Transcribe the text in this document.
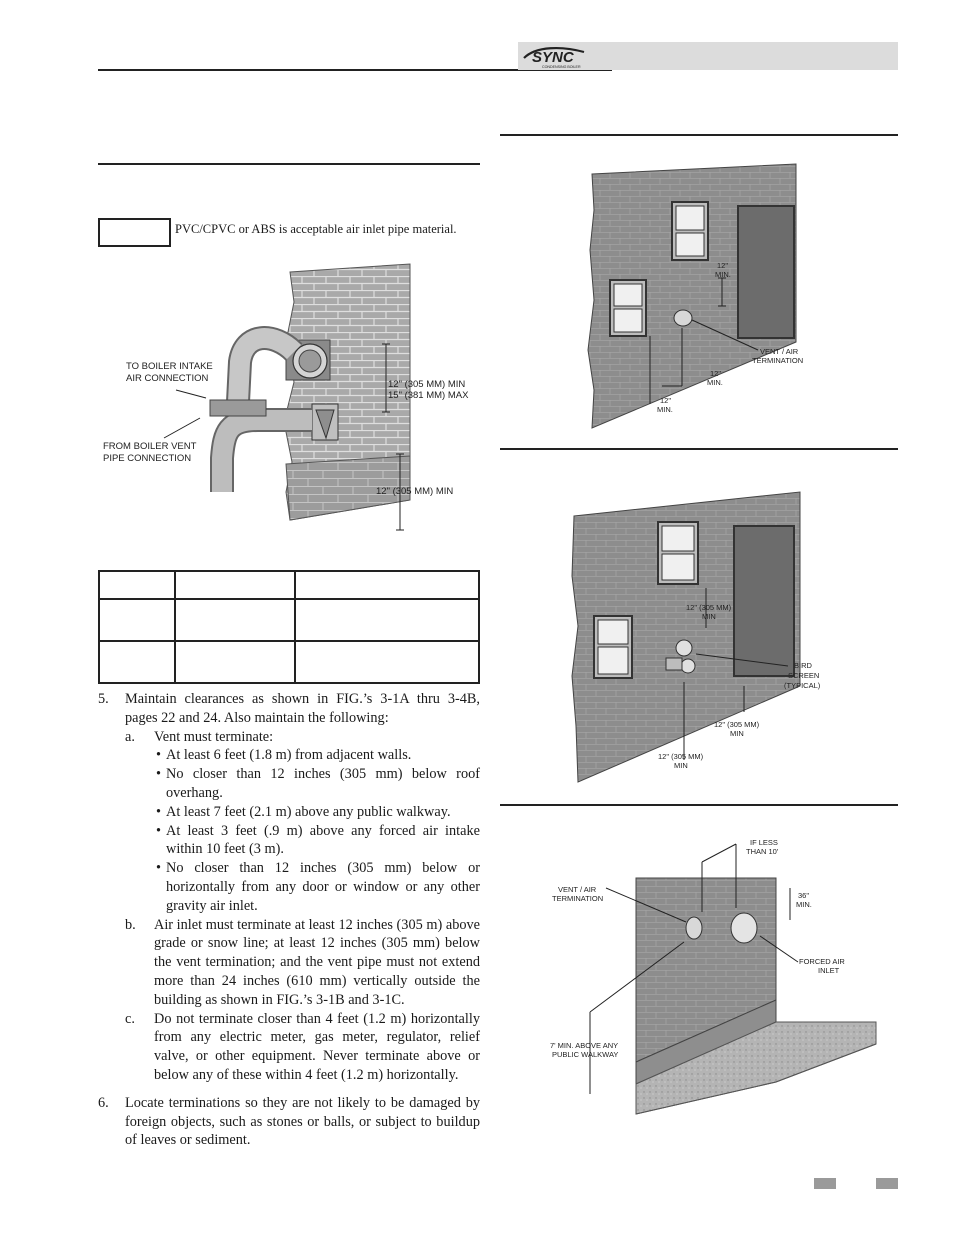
SYNC
CONDENSING BOILER
PVC/CPVC or ABS is acceptable air inlet pipe material.
TO BOILER INTAKE
AIR CONNECTION
FROM BOILER VENT
PIPE CONNECTION
12" (305 MM) MIN
15" (381 MM) MAX
12" (305 MM) MIN

5. Maintain clearances as shown in FIG.’s 3-1A thru 3-4B, pages 22 and 24. Also maintain the following:
a. Vent must terminate:
• At least 6 feet (1.8 m) from adjacent walls.
• No closer than 12 inches (305 mm) below roof overhang.
• At least 7 feet (2.1 m) above any public walkway.
• At least 3 feet (.9 m) above any forced air intake within 10 feet (3 m).
• No closer than 12 inches (305 mm) below or horizontally from any door or window or any other gravity air inlet.
b. Air inlet must terminate at least 12 inches (305 m) above grade or snow line; at least 12 inches (305 mm) below the vent termination; and the vent pipe must not extend more than 24 inches (610 mm) vertically outside the building as shown in FIG.’s 3-1B and 3-1C.
c. Do not terminate closer than 4 feet (1.2 m) horizontally from any electric meter, gas meter, regulator, relief valve, or other equipment. Never terminate above or below any of these within 4 feet (1.2 m) horizontally.
6. Locate terminations so they are not likely to be damaged by foreign objects, such as stones or balls, or subject to buildup of leaves or sediment.
12"
MIN.
12"
MIN.
12"
MIN.
VENT / AIR
TERMINATION
12" (305 MM)
MIN
BIRD
SCREEN
(TYPICAL)
12" (305 MM)
MIN
12" (305 MM)
MIN
IF LESS
THAN 10'
VENT / AIR
TERMINATION	36"
MIN.
FORCED AIR
INLET
7' MIN. ABOVE ANY
PUBLIC WALKWAY
